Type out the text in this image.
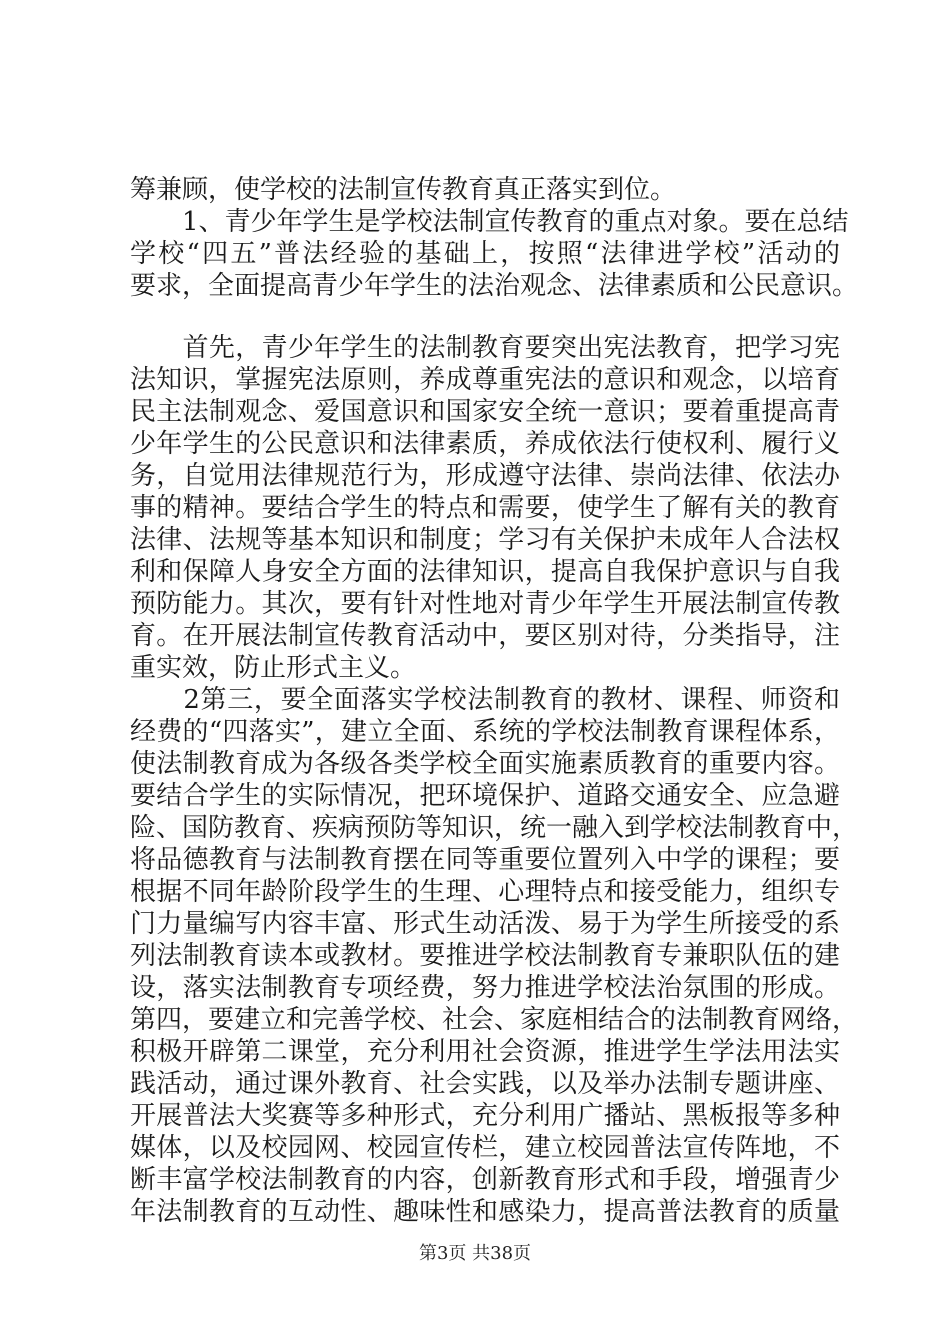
筹兼顾，使学校的法制宣传教育真正落实到位。
　　1、青少年学生是学校法制宣传教育的重点对象。要在总结
学校“四五”普法经验的基础上，按照“法律进学校”活动的
要求，全面提高青少年学生的法治观念、法律素质和公民意识。
　　首先，青少年学生的法制教育要突出宪法教育，把学习宪
法知识，掌握宪法原则，养成尊重宪法的意识和观念，以培育
民主法制观念、爱国意识和国家安全统一意识；要着重提高青
少年学生的公民意识和法律素质，养成依法行使权利、履行义
务，自觉用法律规范行为，形成遵守法律、崇尚法律、依法办
事的精神。要结合学生的特点和需要，使学生了解有关的教育
法律、法规等基本知识和制度；学习有关保护未成年人合法权
利和保障人身安全方面的法律知识，提高自我保护意识与自我
预防能力。其次，要有针对性地对青少年学生开展法制宣传教
育。在开展法制宣传教育活动中，要区别对待，分类指导，注
重实效，防止形式主义。
　　2第三，要全面落实学校法制教育的教材、课程、师资和
经费的“四落实”，建立全面、系统的学校法制教育课程体系，
使法制教育成为各级各类学校全面实施素质教育的重要内容。
要结合学生的实际情况，把环境保护、道路交通安全、应急避
险、国防教育、疾病预防等知识，统一融入到学校法制教育中，
将品德教育与法制教育摆在同等重要位置列入中学的课程；要
根据不同年龄阶段学生的生理、心理特点和接受能力，组织专
门力量编写内容丰富、形式生动活泼、易于为学生所接受的系
列法制教育读本或教材。要推进学校法制教育专兼职队伍的建
设，落实法制教育专项经费，努力推进学校法治氛围的形成。
第四，要建立和完善学校、社会、家庭相结合的法制教育网络，
积极开辟第二课堂，充分利用社会资源，推进学生学法用法实
践活动，通过课外教育、社会实践，以及举办法制专题讲座、
开展普法大奖赛等多种形式，充分利用广播站、黑板报等多种
媒体，以及校园网、校园宣传栏，建立校园普法宣传阵地，不
断丰富学校法制教育的内容，创新教育形式和手段，增强青少
年法制教育的互动性、趣味性和感染力，提高普法教育的质量
第3页 共38页
